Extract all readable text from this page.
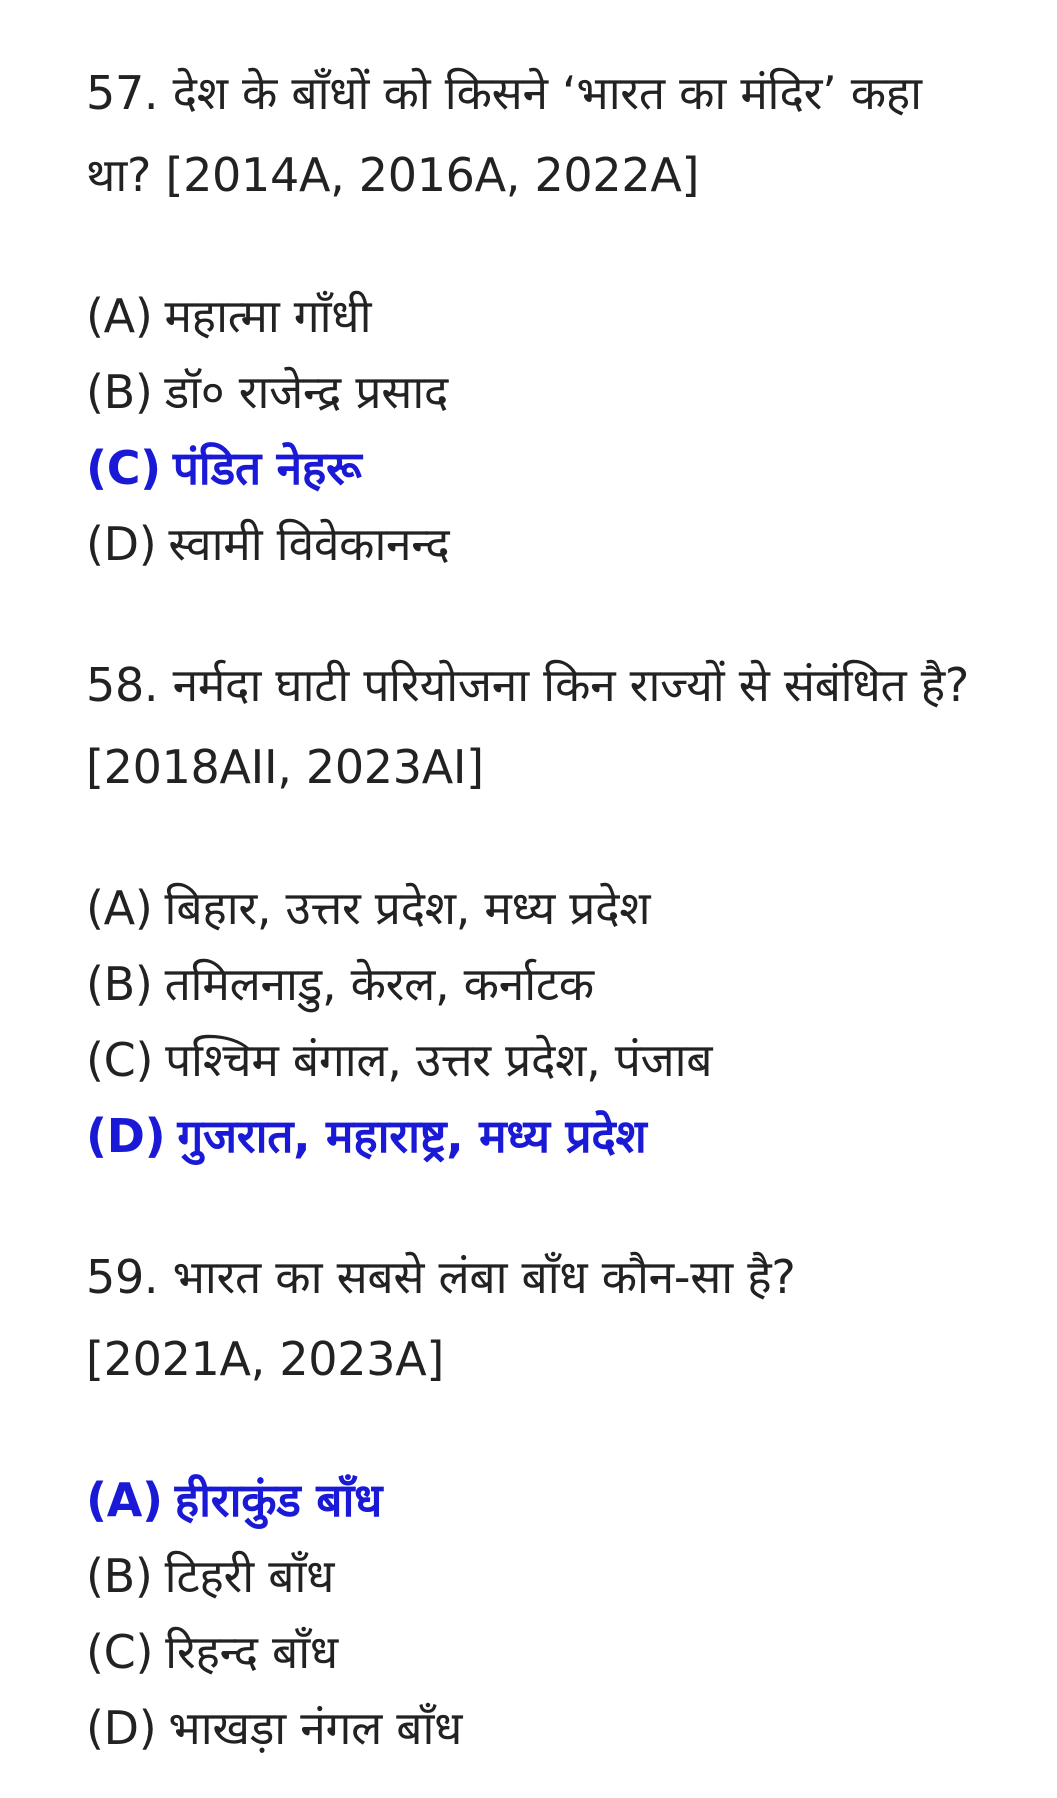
57. देश के बाँधों को किसने ‘भारत का मंदिर’ कहा था? [2014A, 2016A, 2022A]

(A) महात्मा गाँधी
(B) डॉ० राजेन्द्र प्रसाद
(C) पंडित नेहरू
(D) स्वामी विवेकानन्द

58. नर्मदा घाटी परियोजना किन राज्यों से संबंधित है? [2018AII, 2023AI]

(A) बिहार, उत्तर प्रदेश, मध्य प्रदेश
(B) तमिलनाडु, केरल, कर्नाटक
(C) पश्चिम बंगाल, उत्तर प्रदेश, पंजाब
(D) गुजरात, महाराष्ट्र, मध्य प्रदेश

59. भारत का सबसे लंबा बाँध कौन-सा है? [2021A, 2023A]

(A) हीराकुंड बाँध
(B) टिहरी बाँध
(C) रिहन्द बाँध
(D) भाखड़ा नंगल बाँध
